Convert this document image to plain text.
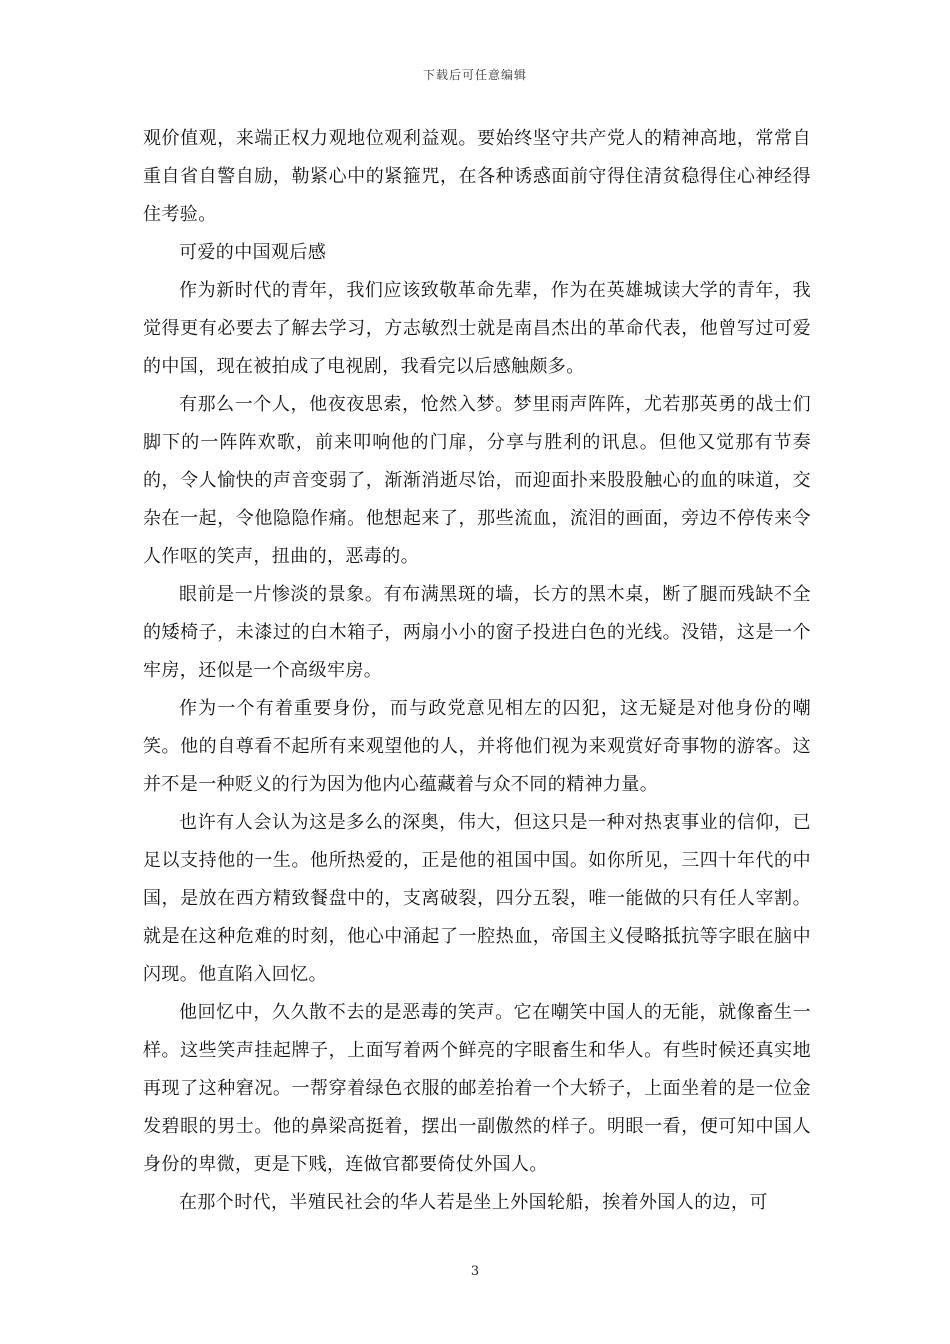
下载后可任意编辑

观价值观，来端正权力观地位观利益观。要始终坚守共产党人的精神高地，常常自重自省自警自励，勒紧心中的紧箍咒，在各种诱惑面前守得住清贫稳得住心神经得住考验。

可爱的中国观后感

作为新时代的青年，我们应该致敬革命先辈，作为在英雄城读大学的青年，我觉得更有必要去了解去学习，方志敏烈士就是南昌杰出的革命代表，他曾写过可爱的中国，现在被拍成了电视剧，我看完以后感触颇多。

有那么一个人，他夜夜思索，怆然入梦。梦里雨声阵阵，尤若那英勇的战士们脚下的一阵阵欢歌，前来叩响他的门扉，分享与胜利的讯息。但他又觉那有节奏的，令人愉快的声音变弱了，渐渐消逝尽饴，而迎面扑来股股触心的血的味道，交杂在一起，令他隐隐作痛。他想起来了，那些流血，流泪的画面，旁边不停传来令人作呕的笑声，扭曲的，恶毒的。

眼前是一片惨淡的景象。有布满黑斑的墙，长方的黑木桌，断了腿而残缺不全的矮椅子，未漆过的白木箱子，两扇小小的窗子投进白色的光线。没错，这是一个牢房，还似是一个高级牢房。

作为一个有着重要身份，而与政党意见相左的囚犯，这无疑是对他身份的嘲笑。他的自尊看不起所有来观望他的人，并将他们视为来观赏好奇事物的游客。这并不是一种贬义的行为因为他内心蕴藏着与众不同的精神力量。

也许有人会认为这是多么的深奥，伟大，但这只是一种对热衷事业的信仰，已足以支持他的一生。他所热爱的，正是他的祖国中国。如你所见，三四十年代的中国，是放在西方精致餐盘中的，支离破裂，四分五裂，唯一能做的只有任人宰割。就是在这种危难的时刻，他心中涌起了一腔热血，帝国主义侵略抵抗等字眼在脑中闪现。他直陷入回忆。

他回忆中，久久散不去的是恶毒的笑声。它在嘲笑中国人的无能，就像畜生一样。这些笑声挂起牌子，上面写着两个鲜亮的字眼畜生和华人。有些时候还真实地再现了这种窘况。一帮穿着绿色衣服的邮差抬着一个大轿子，上面坐着的是一位金发碧眼的男士。他的鼻梁高挺着，摆出一副傲然的样子。明眼一看，便可知中国人身份的卑微，更是下贱，连做官都要倚仗外国人。

在那个时代，半殖民社会的华人若是坐上外国轮船，挨着外国人的边，可

3
